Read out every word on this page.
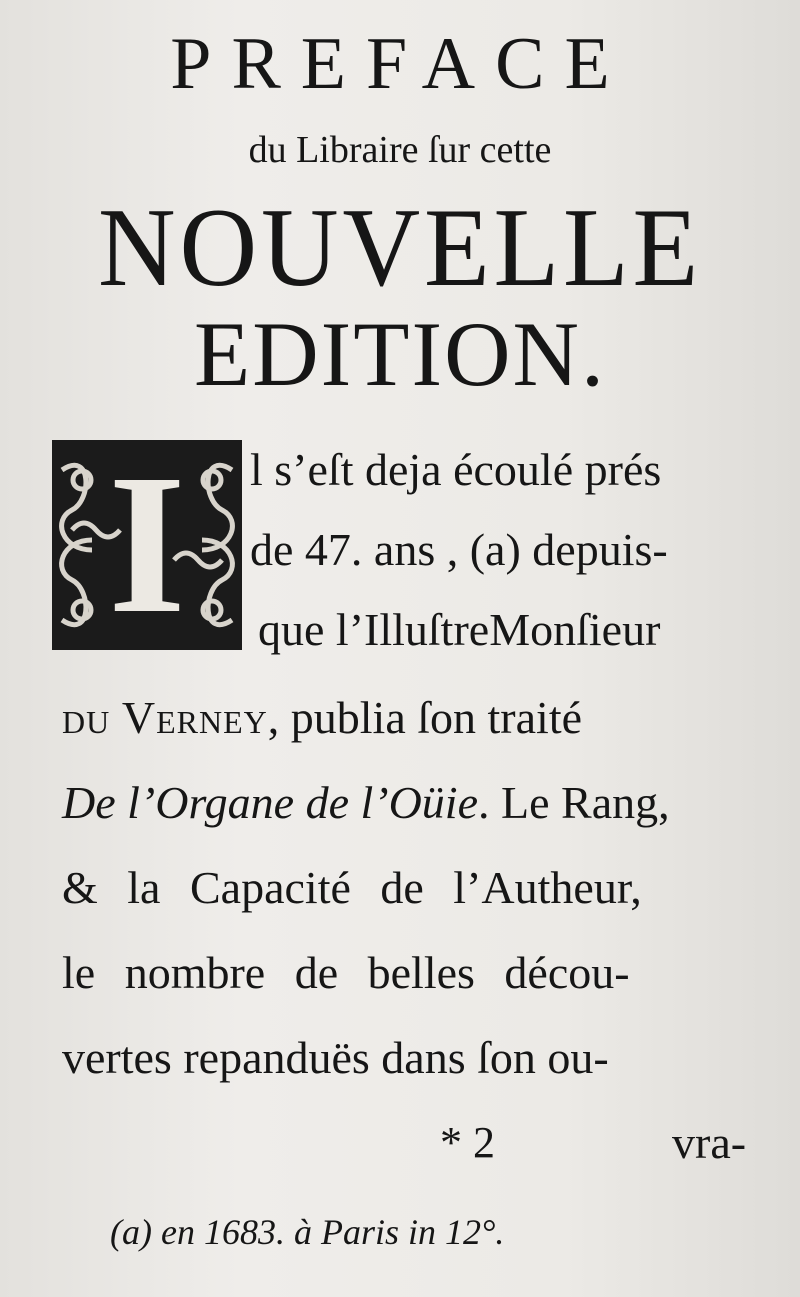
PREFACE
du Libraire ſur cette
NOUVELLE
EDITION.
I l s’eſt deja écoulé prés
de 47. ans , (a) depuis-
que l’IlluſtreMonſieur
du Verney, publia ſon traité
De l’Organe de l’Oüie. Le Rang,
& la Capacité de l’Autheur,
le nombre de belles décou-
vertes repanduës dans ſon ou-
* 2	vra-
(a) en 1683. à Paris in 12°.
